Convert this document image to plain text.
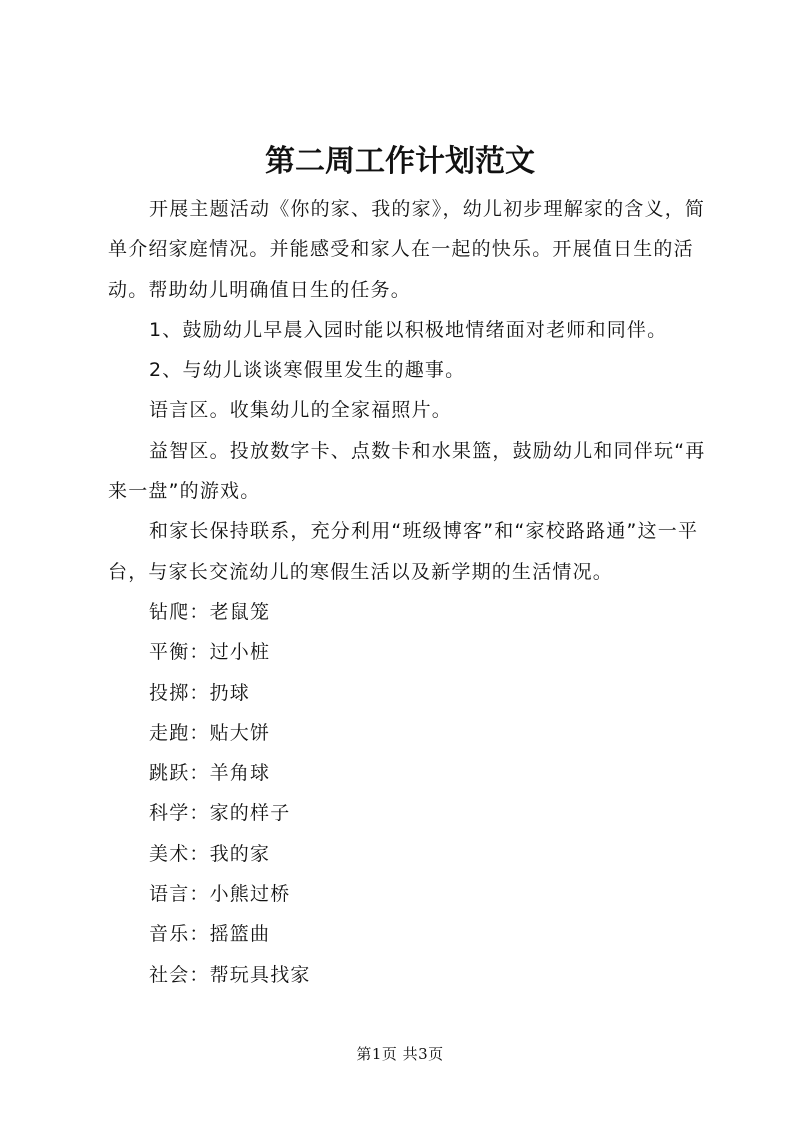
第二周工作计划范文

开展主题活动《你的家、我的家》，幼儿初步理解家的含义，简单介绍家庭情况。并能感受和家人在一起的快乐。开展值日生的活动。帮助幼儿明确值日生的任务。

1、鼓励幼儿早晨入园时能以积极地情绪面对老师和同伴。

2、与幼儿谈谈寒假里发生的趣事。

语言区。收集幼儿的全家福照片。

益智区。投放数字卡、点数卡和水果篮，鼓励幼儿和同伴玩“再来一盘”的游戏。

和家长保持联系，充分利用“班级博客”和“家校路路通”这一平台，与家长交流幼儿的寒假生活以及新学期的生活情况。

钻爬：老鼠笼

平衡：过小桩

投掷：扔球

走跑：贴大饼

跳跃：羊角球

科学：家的样子

美术：我的家

语言：小熊过桥

音乐：摇篮曲

社会：帮玩具找家

第1页 共3页
